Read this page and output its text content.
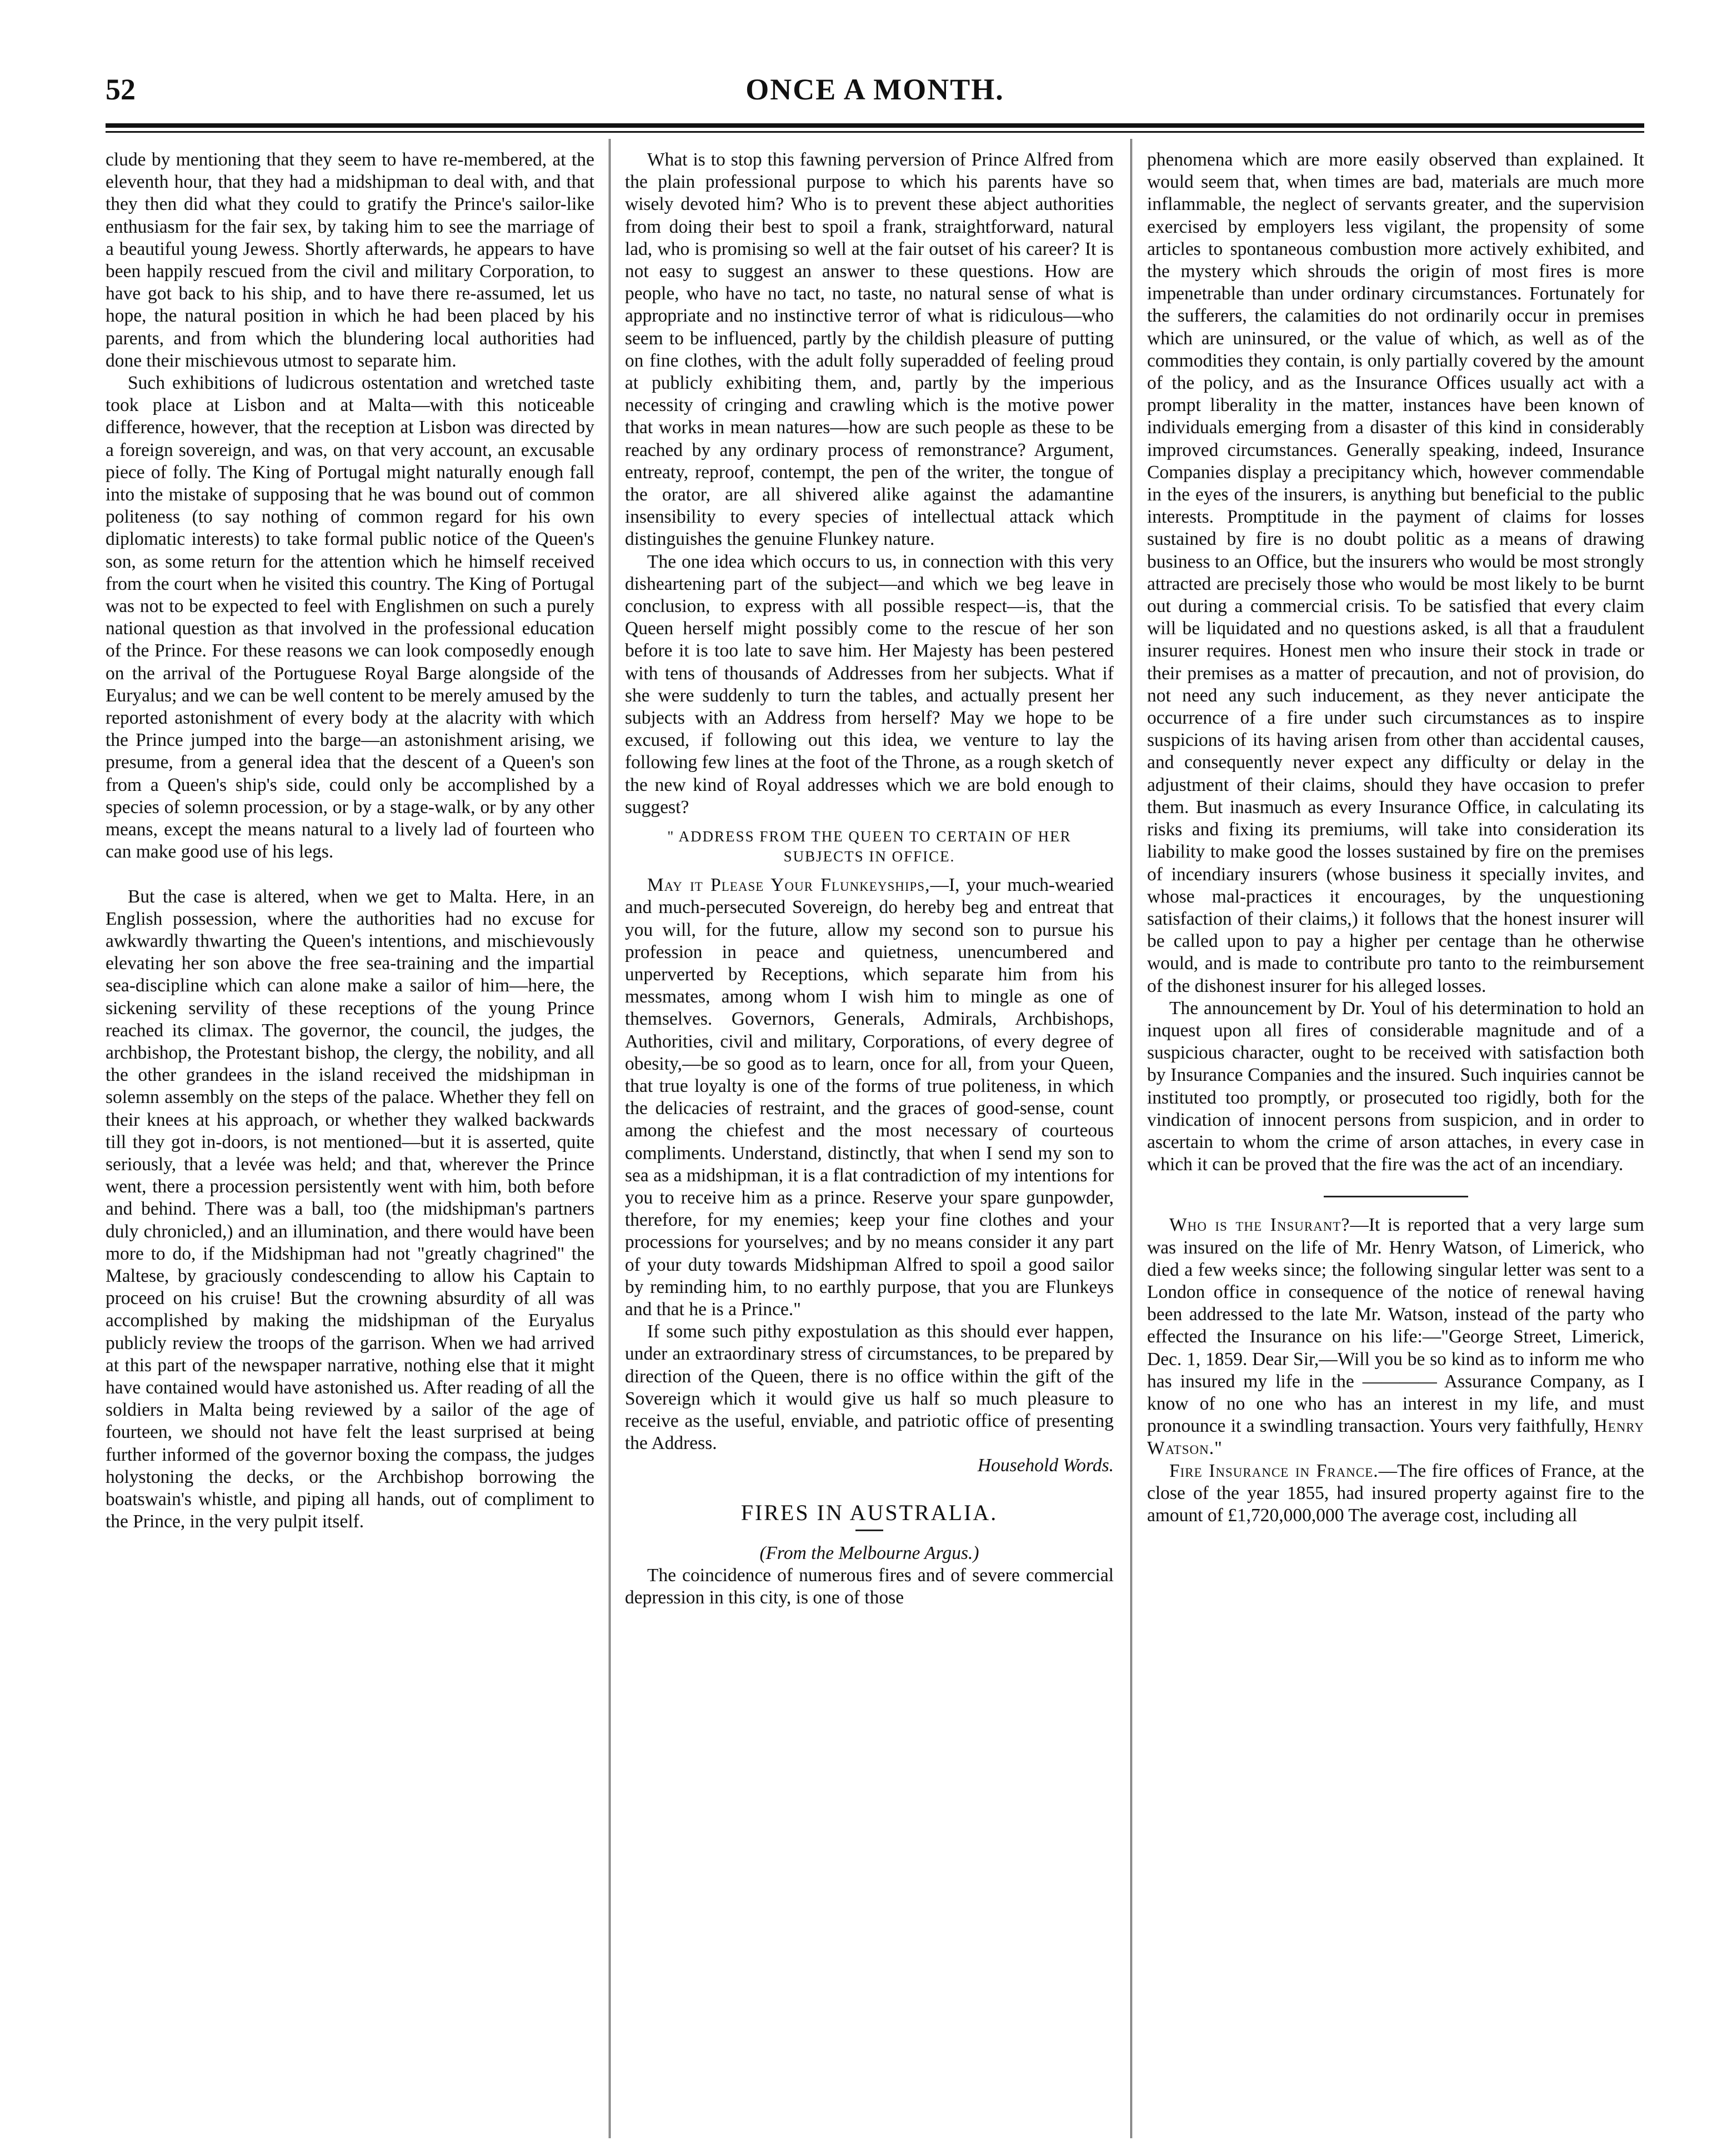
52	ONCE A MONTH.

clude by mentioning that they seem to have re-membered, at the eleventh hour, that they had a midshipman to deal with, and that they then did what they could to gratify the Prince's sailor-like enthusiasm for the fair sex, by taking him to see the marriage of a beautiful young Jewess. Shortly afterwards, he appears to have been happily rescued from the civil and military Corporation, to have got back to his ship, and to have there re-assumed, let us hope, the natural position in which he had been placed by his parents, and from which the blundering local authorities had done their mischievous utmost to separate him.

Such exhibitions of ludicrous ostentation and wretched taste took place at Lisbon and at Malta—with this noticeable difference, however, that the reception at Lisbon was directed by a foreign sovereign, and was, on that very account, an excusable piece of folly. The King of Portugal might naturally enough fall into the mistake of supposing that he was bound out of common politeness (to say nothing of common regard for his own diplomatic interests) to take formal public notice of the Queen's son, as some return for the attention which he himself received from the court when he visited this country. The King of Portugal was not to be expected to feel with Englishmen on such a purely national question as that involved in the professional education of the Prince. For these reasons we can look composedly enough on the arrival of the Portuguese Royal Barge alongside of the Euryalus; and we can be well content to be merely amused by the reported astonishment of every body at the alacrity with which the Prince jumped into the barge—an astonishment arising, we presume, from a general idea that the descent of a Queen's son from a Queen's ship's side, could only be accomplished by a species of solemn procession, or by a stage-walk, or by any other means, except the means natural to a lively lad of fourteen who can make good use of his legs.

But the case is altered, when we get to Malta. Here, in an English possession, where the authorities had no excuse for awkwardly thwarting the Queen's intentions, and mischievously elevating her son above the free sea-training and the impartial sea-discipline which can alone make a sailor of him—here, the sickening servility of these receptions of the young Prince reached its climax. The governor, the council, the judges, the archbishop, the Protestant bishop, the clergy, the nobility, and all the other grandees in the island received the midshipman in solemn assembly on the steps of the palace. Whether they fell on their knees at his approach, or whether they walked backwards till they got in-doors, is not mentioned—but it is asserted, quite seriously, that a levée was held; and that, wherever the Prince went, there a procession persistently went with him, both before and behind. There was a ball, too (the midshipman's partners duly chronicled,) and an illumination, and there would have been more to do, if the Midshipman had not "greatly chagrined" the Maltese, by graciously condescending to allow his Captain to proceed on his cruise! But the crowning absurdity of all was accomplished by making the midshipman of the Euryalus publicly review the troops of the garrison. When we had arrived at this part of the newspaper narrative, nothing else that it might have contained would have astonished us. After reading of all the soldiers in Malta being reviewed by a sailor of the age of fourteen, we should not have felt the least surprised at being further informed of the governor boxing the compass, the judges holystoning the decks, or the Archbishop borrowing the boatswain's whistle, and piping all hands, out of compliment to the Prince, in the very pulpit itself.

What is to stop this fawning perversion of Prince Alfred from the plain professional purpose to which his parents have so wisely devoted him? Who is to prevent these abject authorities from doing their best to spoil a frank, straightforward, natural lad, who is promising so well at the fair outset of his career? It is not easy to suggest an answer to these questions. How are people, who have no tact, no taste, no natural sense of what is appropriate and no instinctive terror of what is ridiculous—who seem to be influenced, partly by the childish pleasure of putting on fine clothes, with the adult folly superadded of feeling proud at publicly exhibiting them, and, partly by the imperious necessity of cringing and crawling which is the motive power that works in mean natures—how are such people as these to be reached by any ordinary process of remonstrance? Argument, entreaty, reproof, contempt, the pen of the writer, the tongue of the orator, are all shivered alike against the adamantine insensibility to every species of intellectual attack which distinguishes the genuine Flunkey nature.

The one idea which occurs to us, in connection with this very disheartening part of the subject—and which we beg leave in conclusion, to express with all possible respect—is, that the Queen herself might possibly come to the rescue of her son before it is too late to save him. Her Majesty has been pestered with tens of thousands of Addresses from her subjects. What if she were suddenly to turn the tables, and actually present her subjects with an Address from herself? May we hope to be excused, if following out this idea, we venture to lay the following few lines at the foot of the Throne, as a rough sketch of the new kind of Royal addresses which we are bold enough to suggest?

" ADDRESS FROM THE QUEEN TO CERTAIN OF HER SUBJECTS IN OFFICE.

May it Please Your Flunkeyships,—I, your much-wearied and much-persecuted Sovereign, do hereby beg and entreat that you will, for the future, allow my second son to pursue his profession in peace and quietness, unencumbered and unperverted by Receptions, which separate him from his messmates, among whom I wish him to mingle as one of themselves. Governors, Generals, Admirals, Archbishops, Authorities, civil and military, Corporations, of every degree of obesity,—be so good as to learn, once for all, from your Queen, that true loyalty is one of the forms of true politeness, in which the delicacies of restraint, and the graces of good-sense, count among the chiefest and the most necessary of courteous compliments. Understand, distinctly, that when I send my son to sea as a midshipman, it is a flat contradiction of my intentions for you to receive him as a prince. Reserve your spare gunpowder, therefore, for my enemies; keep your fine clothes and your processions for yourselves; and by no means consider it any part of your duty towards Midshipman Alfred to spoil a good sailor by reminding him, to no earthly purpose, that you are Flunkeys and that he is a Prince."

If some such pithy expostulation as this should ever happen, under an extraordinary stress of circumstances, to be prepared by direction of the Queen, there is no office within the gift of the Sovereign which it would give us half so much pleasure to receive as the useful, enviable, and patriotic office of presenting the Address.

Household Words.

FIRES IN AUSTRALIA.

(From the Melbourne Argus.)

The coincidence of numerous fires and of severe commercial depression in this city, is one of those

phenomena which are more easily observed than explained. It would seem that, when times are bad, materials are much more inflammable, the neglect of servants greater, and the supervision exercised by employers less vigilant, the propensity of some articles to spontaneous combustion more actively exhibited, and the mystery which shrouds the origin of most fires is more impenetrable than under ordinary circumstances. Fortunately for the sufferers, the calamities do not ordinarily occur in premises which are uninsured, or the value of which, as well as of the commodities they contain, is only partially covered by the amount of the policy, and as the Insurance Offices usually act with a prompt liberality in the matter, instances have been known of individuals emerging from a disaster of this kind in considerably improved circumstances. Generally speaking, indeed, Insurance Companies display a precipitancy which, however commendable in the eyes of the insurers, is anything but beneficial to the public interests. Promptitude in the payment of claims for losses sustained by fire is no doubt politic as a means of drawing business to an Office, but the insurers who would be most strongly attracted are precisely those who would be most likely to be burnt out during a commercial crisis. To be satisfied that every claim will be liquidated and no questions asked, is all that a fraudulent insurer requires. Honest men who insure their stock in trade or their premises as a matter of precaution, and not of provision, do not need any such inducement, as they never anticipate the occurrence of a fire under such circumstances as to inspire suspicions of its having arisen from other than accidental causes, and consequently never expect any difficulty or delay in the adjustment of their claims, should they have occasion to prefer them. But inasmuch as every Insurance Office, in calculating its risks and fixing its premiums, will take into consideration its liability to make good the losses sustained by fire on the premises of incendiary insurers (whose business it specially invites, and whose mal-practices it encourages, by the unquestioning satisfaction of their claims,) it follows that the honest insurer will be called upon to pay a higher per centage than he otherwise would, and is made to contribute pro tanto to the reimbursement of the dishonest insurer for his alleged losses.

The announcement by Dr. Youl of his determination to hold an inquest upon all fires of considerable magnitude and of a suspicious character, ought to be received with satisfaction both by Insurance Companies and the insured. Such inquiries cannot be instituted too promptly, or prosecuted too rigidly, both for the vindication of innocent persons from suspicion, and in order to ascertain to whom the crime of arson attaches, in every case in which it can be proved that the fire was the act of an incendiary.

Who is the Insurant?—It is reported that a very large sum was insured on the life of Mr. Henry Watson, of Limerick, who died a few weeks since; the following singular letter was sent to a London office in consequence of the notice of renewal having been addressed to the late Mr. Watson, instead of the party who effected the Insurance on his life:—"George Street, Limerick, Dec. 1, 1859. Dear Sir,—Will you be so kind as to inform me who has insured my life in the ———— Assurance Company, as I know of no one who has an interest in my life, and must pronounce it a swindling transaction. Yours very faithfully, Henry Watson."

Fire Insurance in France.—The fire offices of France, at the close of the year 1855, had insured property against fire to the amount of £1,720,000,000 The average cost, including all
